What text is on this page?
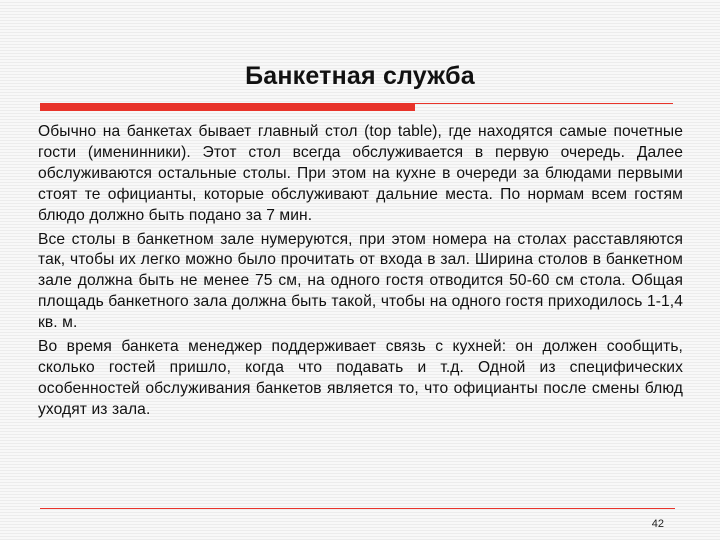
Банкетная служба

Обычно на банкетах бывает главный стол (top table), где находятся самые почетные гости (именинники). Этот стол всегда обслуживается в первую очередь. Далее обслуживаются остальные столы. При этом на кухне в очереди за блюдами первыми стоят те официанты, которые обслуживают дальние места. По нормам всем гостям блюдо должно быть подано за 7 мин.

Все столы в банкетном зале нумеруются, при этом номера на столах расставляются так, чтобы их легко можно было прочитать от входа в зал. Ширина столов в банкетном зале должна быть не менее 75 см, на одного гостя отводится 50-60 см стола. Общая площадь банкетного зала должна быть такой, чтобы на одного гостя приходилось 1-1,4 кв. м.

Во время банкета менеджер поддерживает связь с кухней: он должен сообщить, сколько гостей пришло, когда что подавать и т.д. Одной из специфических особенностей обслуживания банкетов является то, что официанты после смены блюд уходят из зала.

42
